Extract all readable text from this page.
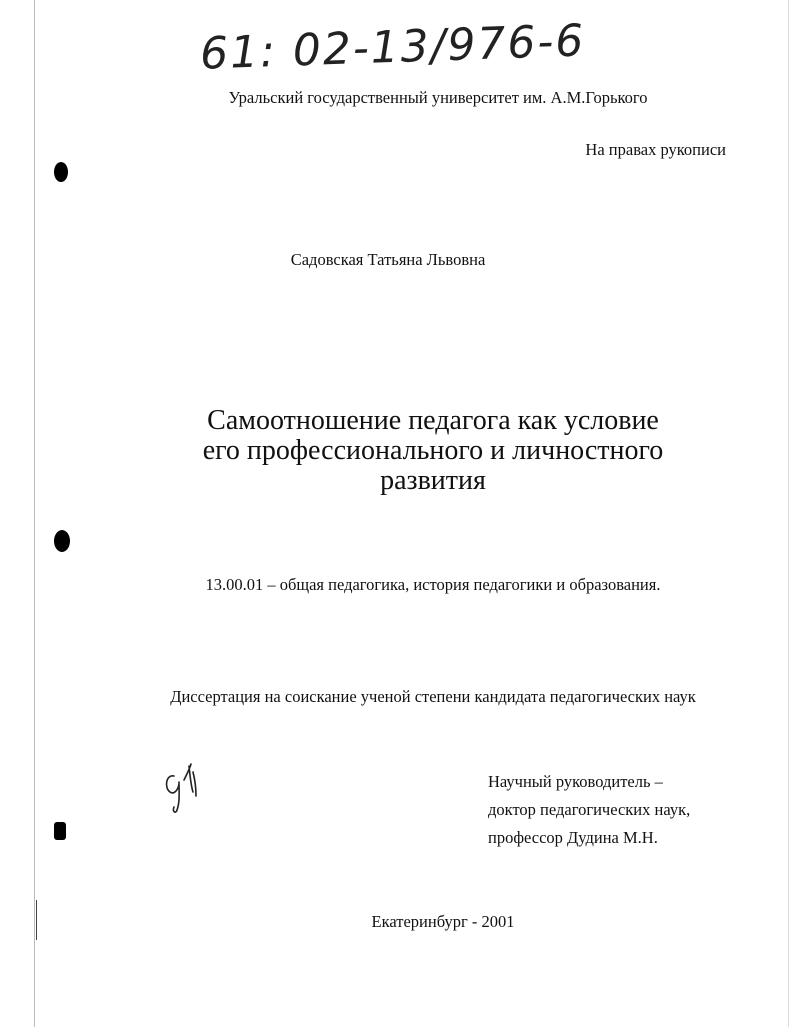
61: 02-13/976-6
Уральский государственный университет им. А.М.Горького
На правах рукописи
Садовская Татьяна Львовна
Самоотношение педагога как условие
его профессионального и личностного
развития
13.00.01 – общая педагогика, история педагогики и образования.
Диссертация на соискание ученой степени кандидата педагогических наук
Научный руководитель –
доктор педагогических наук,
профессор Дудина М.Н.
Екатеринбург - 2001
